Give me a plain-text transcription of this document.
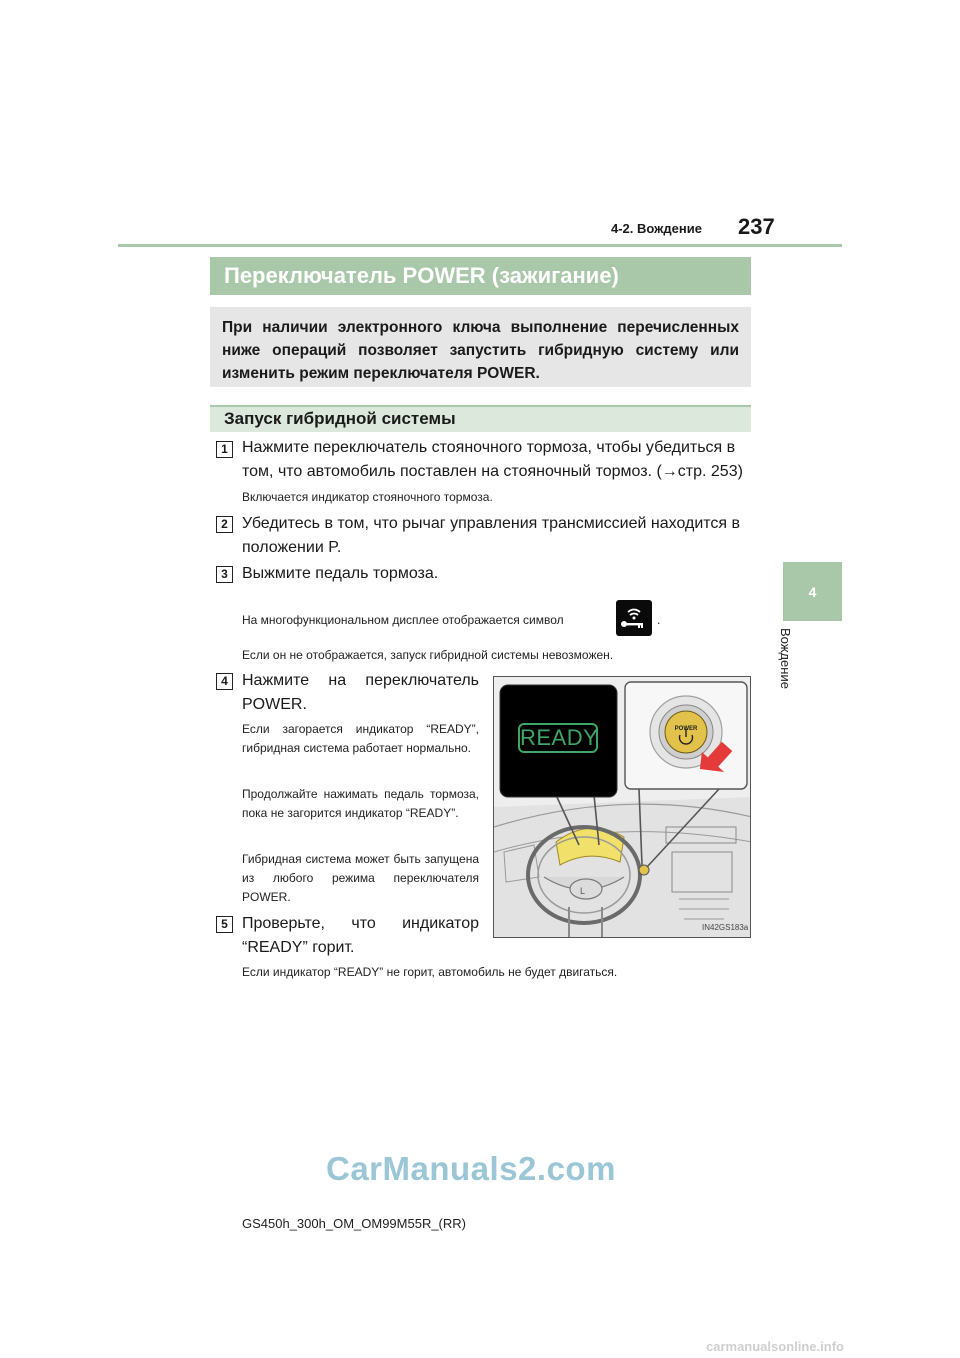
4-2. Вождение 237
4
Вождение
Переключатель POWER (зажигание)
При наличии электронного ключа выполнение перечисленных ниже операций позволяет запустить гибридную систему или изменить режим переключателя POWER.
Запуск гибридной системы
1 Нажмите переключатель стояночного тормоза, чтобы убедиться в
том, что автомобиль поставлен на стояночный тормоз. (→стр. 253)
Включается индикатор стояночного тормоза.
2 Убедитесь в том, что рычаг управления трансмиссией находится в
положении P.
3 Выжмите педаль тормоза.
На многофункциональном дисплее отображается символ	.
Если он не отображается, запуск гибридной системы невозможен.
4 Нажмите на переключатель
POWER.
Если загорается индикатор “READY”, гибридная система работает нормально.
Продолжайте нажимать педаль тормоза, пока не загорится индикатор “READY”.
Гибридная система может быть запущена из любого режима переключателя POWER.
5 Проверьте, что индикатор
“READY” горит.
Если индикатор “READY” не горит, автомобиль не будет двигаться.
L
READY	POWER
IN42GS183a
CarManuals2.com
GS450h_300h_OM_OM99M55R_(RR)
carmanualsonline.info
